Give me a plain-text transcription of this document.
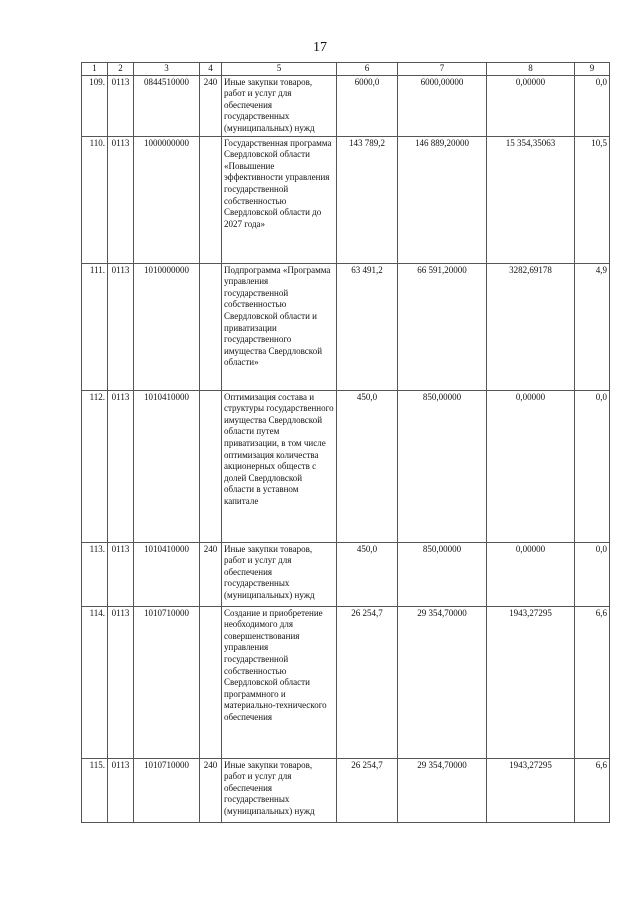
17
1	2	3	4	5	6	7	8	9
109.	0113	0844510000	240	Иные закупки товаров, работ и услуг для обеспечения государственных (муниципальных) нужд	6000,0	6000,00000	0,00000	0,0
110.	0113	1000000000		Государственная программа Свердловской области «Повышение эффективности управления государственной собственностью Свердловской области до 2027 года»	143 789,2	146 889,20000	15 354,35063	10,5
111.	0113	1010000000		Подпрограмма «Программа управления государственной собственностью Свердловской области и приватизации государственного имущества Свердловской области»	63 491,2	66 591,20000	3282,69178	4,9
112.	0113	1010410000		Оптимизация состава и структуры государственного имущества Свердловской области путем приватизации, в том числе оптимизация количества акционерных обществ с долей Свердловской области в уставном капитале	450,0	850,00000	0,00000	0,0
113.	0113	1010410000	240	Иные закупки товаров, работ и услуг для обеспечения государственных (муниципальных) нужд	450,0	850,00000	0,00000	0,0
114.	0113	1010710000		Создание и приобретение необходимого для совершенствования управления государственной собственностью Свердловской области программного и материально-технического обеспечения	26 254,7	29 354,70000	1943,27295	6,6
115.	0113	1010710000	240	Иные закупки товаров, работ и услуг для обеспечения государственных (муниципальных) нужд	26 254,7	29 354,70000	1943,27295	6,6
